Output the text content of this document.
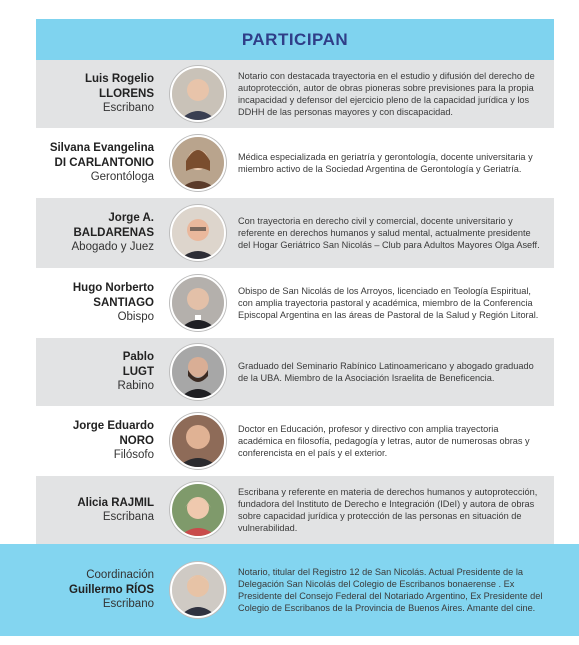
PARTICIPAN
Luis Rogelio
LLORENS
Escribano
Notario con destacada trayectoria en el estudio y difusión del derecho de autoprotección, autor de obras pioneras sobre previsiones para la propia incapacidad y defensor del ejercicio pleno de la capacidad jurídica y los DDHH de las personas mayores y con discapacidad.
Silvana Evangelina
DI CARLANTONIO
Gerontóloga
Médica especializada en geriatría y gerontología, docente universitaria y miembro activo de la Sociedad Argentina de Gerontología y Geriatría.
Jorge A.
BALDARENAS
Abogado y Juez
Con trayectoria en derecho civil y comercial, docente universitario y referente en derechos humanos y salud mental, actualmente presidente del Hogar Geriátrico San Nicolás – Club para Adultos Mayores Olga Aseff.
Hugo Norberto
SANTIAGO
Obispo
Obispo de San Nicolás de los Arroyos, licenciado en Teología Espiritual, con amplia trayectoria pastoral y académica, miembro de la Conferencia Episcopal Argentina en las áreas de Pastoral de la Salud y Región Litoral.
Pablo
LUGT
Rabino
Graduado del Seminario Rabínico Latinoamericano y abogado graduado de la UBA. Miembro de la Asociación Israelita de Beneficencia.
Jorge Eduardo
NORO
Filósofo
Doctor en Educación, profesor y directivo con amplia trayectoria académica en filosofía, pedagogía y letras, autor de numerosas obras y conferencista en el país y el exterior.
Alicia RAJMIL
Escribana
Escribana y referente en materia de derechos humanos y autoprotección, fundadora del Instituto de Derecho e Integración (IDeI) y autora de obras sobre capacidad jurídica y protección de las personas en situación de vulnerabilidad.
Coordinación
Guillermo RÍOS
Escribano
Notario, titular del Registro 12 de San Nicolás. Actual Presidente de la Delegación San Nicolás del Colegio de Escribanos bonaerense . Ex Presidente del Consejo Federal del Notariado Argentino, Ex Presidente del Colegio de Escribanos de la Provincia de Buenos Aires. Amante del cine.
